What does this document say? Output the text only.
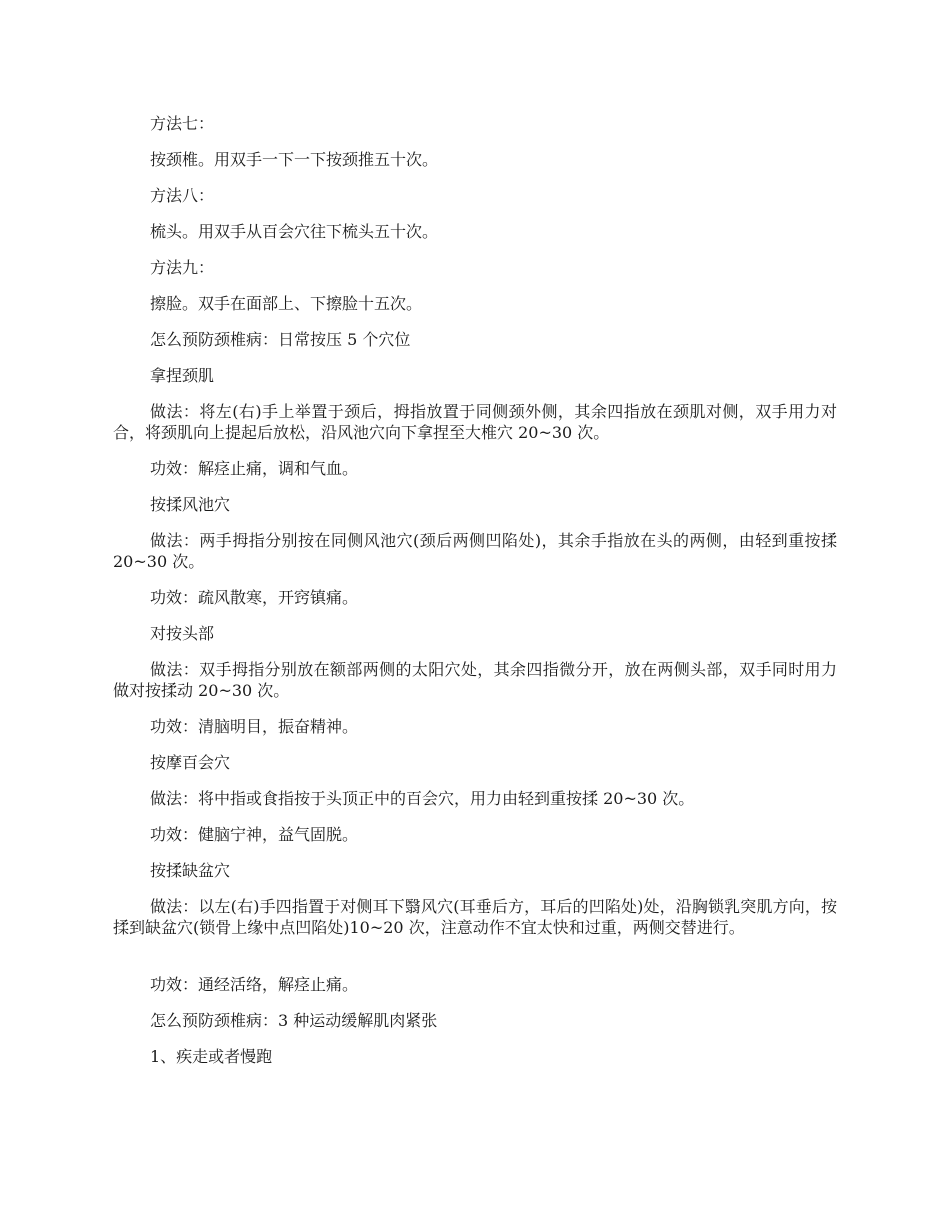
方法七：

按颈椎。用双手一下一下按颈推五十次。

方法八：

梳头。用双手从百会穴往下梳头五十次。

方法九：

擦脸。双手在面部上、下擦脸十五次。

怎么预防颈椎病：日常按压 5 个穴位

拿捏颈肌

做法：将左(右)手上举置于颈后，拇指放置于同侧颈外侧，其余四指放在颈肌对侧，双手用力对合，将颈肌向上提起后放松，沿风池穴向下拿捏至大椎穴 20~30 次。

功效：解痉止痛，调和气血。

按揉风池穴

做法：两手拇指分别按在同侧风池穴(颈后两侧凹陷处)，其余手指放在头的两侧，由轻到重按揉 20~30 次。

功效：疏风散寒，开窍镇痛。

对按头部

做法：双手拇指分别放在额部两侧的太阳穴处，其余四指微分开，放在两侧头部，双手同时用力做对按揉动 20~30 次。

功效：清脑明目，振奋精神。

按摩百会穴

做法：将中指或食指按于头顶正中的百会穴，用力由轻到重按揉 20~30 次。

功效：健脑宁神，益气固脱。

按揉缺盆穴

做法：以左(右)手四指置于对侧耳下翳风穴(耳垂后方，耳后的凹陷处)处，沿胸锁乳突肌方向，按揉到缺盆穴(锁骨上缘中点凹陷处)10~20 次，注意动作不宜太快和过重，两侧交替进行。

功效：通经活络，解痉止痛。

怎么预防颈椎病：3 种运动缓解肌肉紧张

1、疾走或者慢跑
